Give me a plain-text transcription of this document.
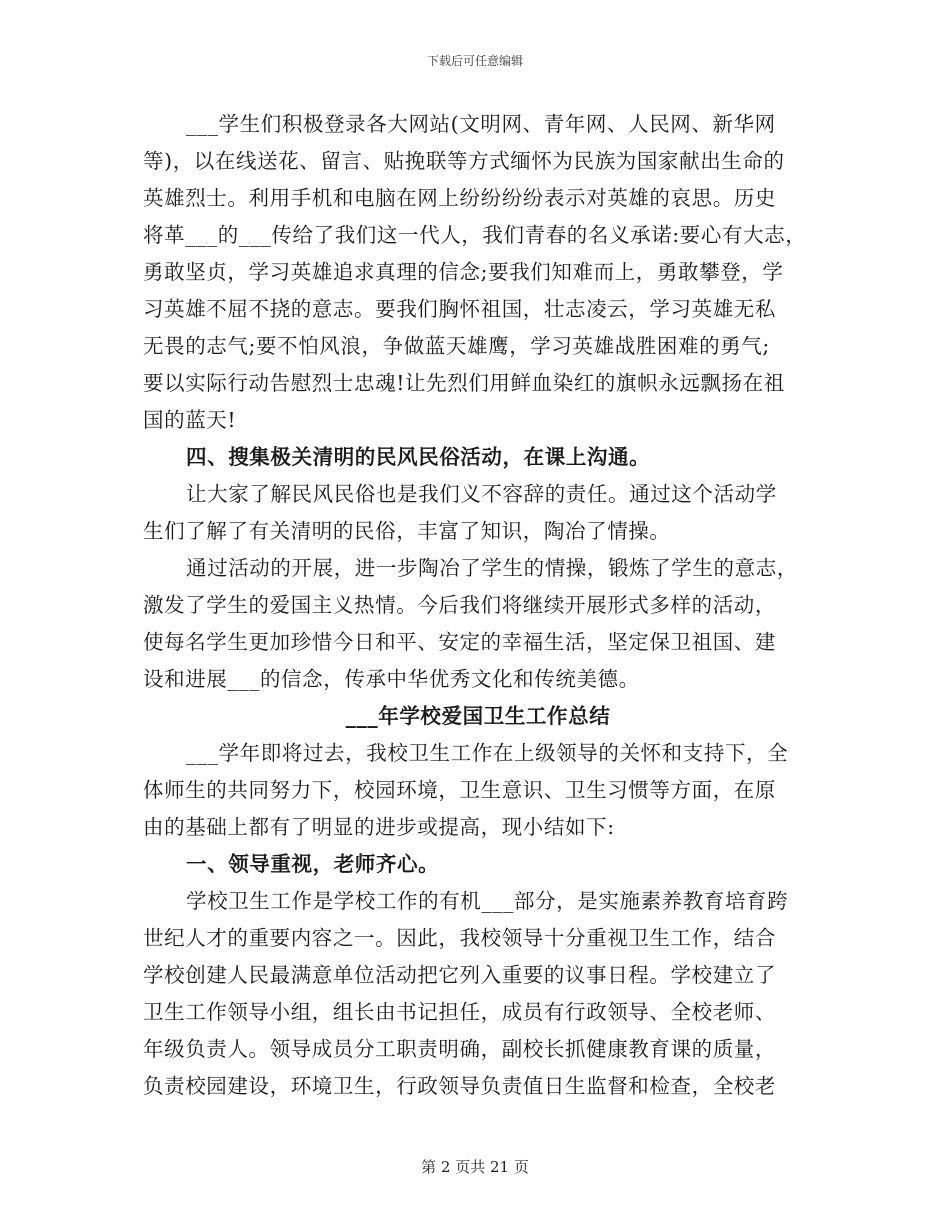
下载后可任意编辑
___学生们积极登录各大网站(文明网、青年网、人民网、新华网
等)，以在线送花、留言、贴挽联等方式缅怀为民族为国家献出生命的
英雄烈士。利用手机和电脑在网上纷纷纷纷表示对英雄的哀思。历史
将革___的___传给了我们这一代人，我们青春的名义承诺:要心有大志，
勇敢坚贞，学习英雄追求真理的信念;要我们知难而上，勇敢攀登，学
习英雄不屈不挠的意志。要我们胸怀祖国，壮志凌云，学习英雄无私
无畏的志气;要不怕风浪，争做蓝天雄鹰，学习英雄战胜困难的勇气;
要以实际行动告慰烈士忠魂!让先烈们用鲜血染红的旗帜永远飘扬在祖
国的蓝天!
四、搜集极关清明的民风民俗活动，在课上沟通。
让大家了解民风民俗也是我们义不容辞的责任。通过这个活动学
生们了解了有关清明的民俗，丰富了知识，陶冶了情操。
通过活动的开展，进一步陶冶了学生的情操，锻炼了学生的意志，
激发了学生的爱国主义热情。今后我们将继续开展形式多样的活动，
使每名学生更加珍惜今日和平、安定的幸福生活，坚定保卫祖国、建
设和进展___的信念，传承中华优秀文化和传统美德。
___年学校爱国卫生工作总结
___学年即将过去，我校卫生工作在上级领导的关怀和支持下，全
体师生的共同努力下，校园环境，卫生意识、卫生习惯等方面，在原
由的基础上都有了明显的进步或提高，现小结如下:
一、领导重视，老师齐心。
学校卫生工作是学校工作的有机___部分，是实施素养教育培育跨
世纪人才的重要内容之一。因此，我校领导十分重视卫生工作，结合
学校创建人民最满意单位活动把它列入重要的议事日程。学校建立了
卫生工作领导小组，组长由书记担任，成员有行政领导、全校老师、
年级负责人。领导成员分工职责明确，副校长抓健康教育课的质量，
负责校园建设，环境卫生，行政领导负责值日生监督和检查，全校老
第 2 页共 21 页
